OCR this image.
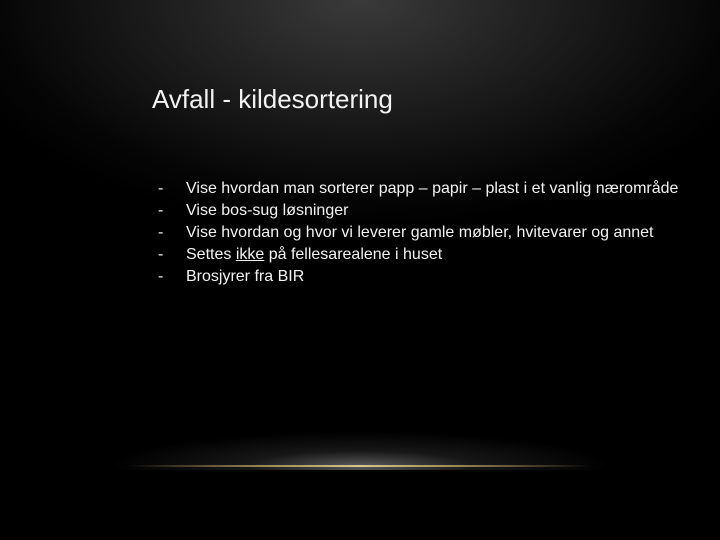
Avfall - kildesortering
-	Vise hvordan man sorterer papp – papir – plast i et vanlig nærområde
-	Vise bos-sug løsninger
-	Vise hvordan og hvor vi leverer gamle møbler, hvitevarer og annet
-	Settes ikke på fellesarealene i huset
-	Brosjyrer fra BIR
